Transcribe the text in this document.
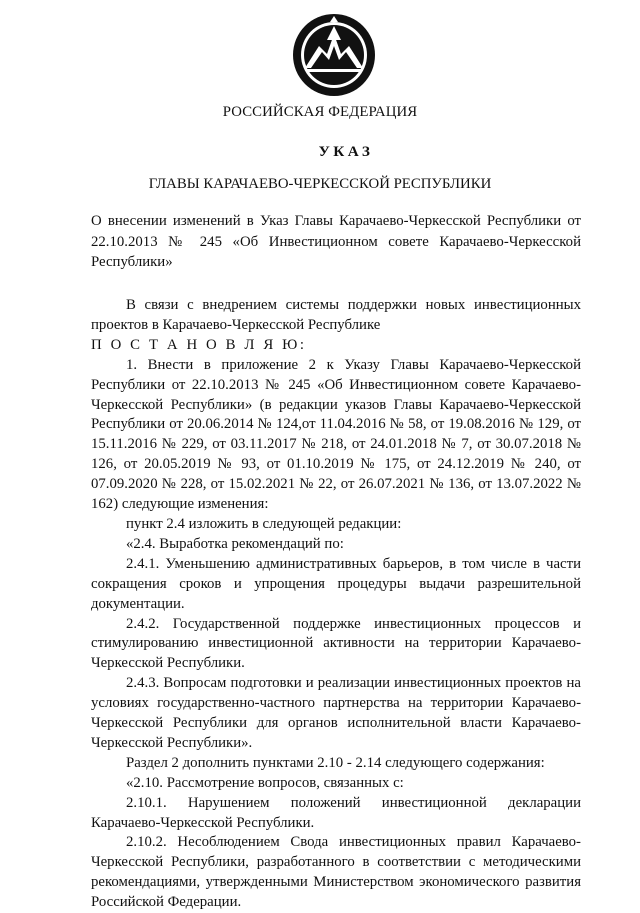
РОССИЙСКАЯ ФЕДЕРАЦИЯ

УКАЗ

ГЛАВЫ КАРАЧАЕВО-ЧЕРКЕССКОЙ РЕСПУБЛИКИ

О внесении изменений в Указ Главы Карачаево-Черкесской Республики от 22.10.2013 № 245 «Об Инвестиционном совете Карачаево-Черкесской Республики»

В связи с внедрением системы поддержки новых инвестиционных проектов в Карачаево-Черкесской Республике

П О С Т А Н О В Л Я Ю:

1. Внести в приложение 2 к Указу Главы Карачаево-Черкесской Республики от 22.10.2013 № 245 «Об Инвестиционном совете Карачаево-Черкесской Республики» (в редакции указов Главы Карачаево-Черкесской Республики от 20.06.2014 № 124,от 11.04.2016 № 58, от 19.08.2016 № 129, от 15.11.2016 № 229, от 03.11.2017 № 218, от 24.01.2018 № 7, от 30.07.2018 № 126, от 20.05.2019 № 93, от 01.10.2019 № 175, от 24.12.2019 № 240, от 07.09.2020 № 228, от 15.02.2021 № 22, от 26.07.2021 № 136, от 13.07.2022 № 162) следующие изменения:

пункт 2.4 изложить в следующей редакции:

«2.4. Выработка рекомендаций по:

2.4.1. Уменьшению административных барьеров, в том числе в части сокращения сроков и упрощения процедуры выдачи разрешительной документации.

2.4.2. Государственной поддержке инвестиционных процессов и стимулированию инвестиционной активности на территории Карачаево-Черкесской Республики.

2.4.3. Вопросам подготовки и реализации инвестиционных проектов на условиях государственно-частного партнерства на территории Карачаево-Черкесской Республики для органов исполнительной власти Карачаево-Черкесской Республики».

Раздел 2 дополнить пунктами 2.10 - 2.14 следующего содержания:

«2.10. Рассмотрение вопросов, связанных с:

2.10.1. Нарушением положений инвестиционной декларации Карачаево-Черкесской Республики.

2.10.2. Несоблюдением Свода инвестиционных правил Карачаево-Черкесской Республики, разработанного в соответствии с методическими рекомендациями, утвержденными Министерством экономического развития Российской Федерации.
